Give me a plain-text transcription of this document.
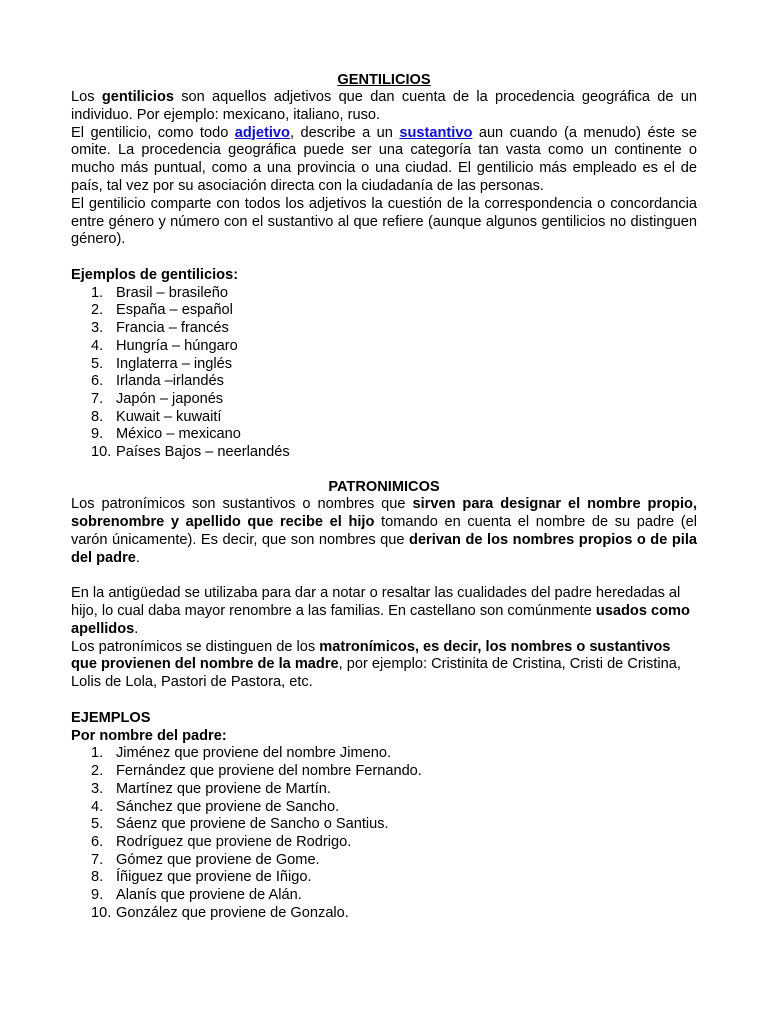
GENTILICIOS

Los gentilicios son aquellos adjetivos que dan cuenta de la procedencia geográfica de un individuo. Por ejemplo: mexicano, italiano, ruso.

El gentilicio, como todo adjetivo, describe a un sustantivo aun cuando (a menudo) éste se omite. La procedencia geográfica puede ser una categoría tan vasta como un continente o mucho más puntual, como a una provincia o una ciudad. El gentilicio más empleado es el de país, tal vez por su asociación directa con la ciudadanía de las personas.

El gentilicio comparte con todos los adjetivos la cuestión de la correspondencia o concordancia entre género y número con el sustantivo al que refiere (aunque algunos gentilicios no distinguen género).

Ejemplos de gentilicios:
1. Brasil – brasileño
2. España – español
3. Francia – francés
4. Hungría – húngaro
5. Inglaterra – inglés
6. Irlanda –irlandés
7. Japón – japonés
8. Kuwait – kuwaití
9. México – mexicano
10. Países Bajos – neerlandés
PATRONIMICOS

Los patronímicos son sustantivos o nombres que sirven para designar el nombre propio, sobrenombre y apellido que recibe el hijo tomando en cuenta el nombre de su padre (el varón únicamente). Es decir, que son nombres que derivan de los nombres propios o de pila del padre.

En la antigüedad se utilizaba para dar a notar o resaltar las cualidades del padre heredadas al hijo, lo cual daba mayor renombre a las familias. En castellano son comúnmente usados como apellidos.

Los patronímicos se distinguen de los matronímicos, es decir, los nombres o sustantivos que provienen del nombre de la madre, por ejemplo: Cristinita de Cristina, Cristi de Cristina, Lolis de Lola, Pastori de Pastora, etc.

EJEMPLOS
Por nombre del padre:
1. Jiménez que proviene del nombre Jimeno.
2. Fernández que proviene del nombre Fernando.
3. Martínez que proviene de Martín.
4. Sánchez que proviene de Sancho.
5. Sáenz que proviene de Sancho o Santius.
6. Rodríguez que proviene de Rodrigo.
7. Gómez que proviene de Gome.
8. Íñiguez que proviene de Iñigo.
9. Alanís que proviene de Alán.
10. González que proviene de Gonzalo.
